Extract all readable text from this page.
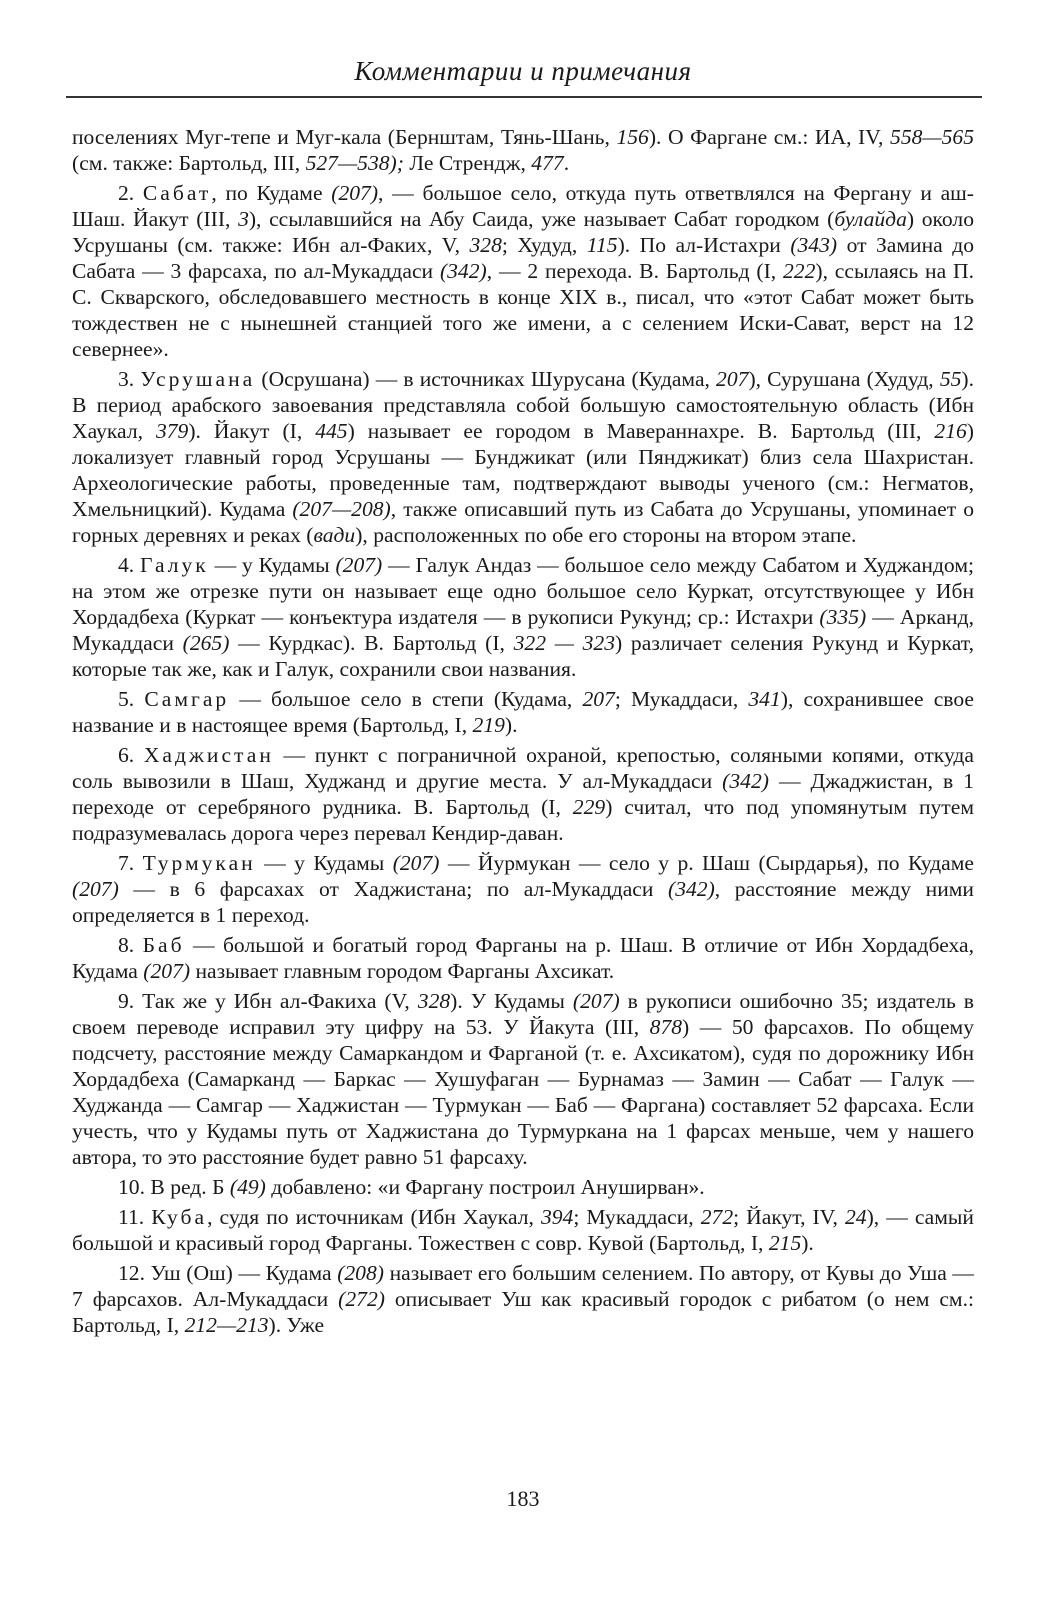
Комментарии и примечания

поселениях Муг-тепе и Муг-кала (Бернштам, Тянь-Шань, 156). О Фаргане см.: ИА, IV, 558—565 (см. также: Бартольд, III, 527—538); Ле Стрендж, 477.

2. Сабат, по Кудаме (207), — большое село, откуда путь ответвлялся на Фергану и аш-Шаш. Йакут (III, 3), ссылавшийся на Абу Саида, уже называет Сабат городком (булайда) около Усрушаны (см. также: Ибн ал-Факих, V, 328; Худуд, 115). По ал-Истахри (343) от Замина до Сабата — 3 фарсаха, по ал-Мукаддаси (342), — 2 перехода. В. Бартольд (I, 222), ссылаясь на П. С. Скварского, обследовавшего местность в конце XIX в., писал, что «этот Сабат может быть тождествен не с нынешней станцией того же имени, а с селением Иски-Сават, верст на 12 севернее».

3. Усрушана (Осрушана) — в источниках Шурусана (Кудама, 207), Сурушана (Худуд, 55). В период арабского завоевания представляла собой большую самостоятельную область (Ибн Хаукал, 379). Йакут (I, 445) называет ее городом в Мавераннахре. В. Бартольд (III, 216) локализует главный город Усрушаны — Бунджикат (или Пянджикат) близ села Шахристан. Археологические работы, проведенные там, подтверждают выводы ученого (см.: Негматов, Хмельницкий). Кудама (207—208), также описавший путь из Сабата до Усрушаны, упоминает о горных деревнях и реках (вади), расположенных по обе его стороны на втором этапе.

4. Галук — у Кудамы (207) — Галук Андаз — большое село между Сабатом и Худжандом; на этом же отрезке пути он называет еще одно большое село Куркат, отсутствующее у Ибн Хордадбеха (Куркат — конъектура издателя — в рукописи Рукунд; ср.: Истахри (335) — Арканд, Мукаддаси (265) — Курдкас). В. Бартольд (I, 322 — 323) различает селения Рукунд и Куркат, которые так же, как и Галук, сохранили свои названия.

5. Самгар — большое село в степи (Кудама, 207; Мукаддаси, 341), сохранившее свое название и в настоящее время (Бартольд, I, 219).

6. Хаджистан — пункт с пограничной охраной, крепостью, соляными копями, откуда соль вывозили в Шаш, Худжанд и другие места. У ал-Мукаддаси (342) — Джаджистан, в 1 переходе от серебряного рудника. В. Бартольд (I, 229) считал, что под упомянутым путем подразумевалась дорога через перевал Кендир-даван.

7. Турмукан — у Кудамы (207) — Йурмукан — село у р. Шаш (Сырдарья), по Кудаме (207) — в 6 фарсахах от Хаджистана; по ал-Мукаддаси (342), расстояние между ними определяется в 1 переход.

8. Баб — большой и богатый город Фарганы на р. Шаш. В отличие от Ибн Хордадбеха, Кудама (207) называет главным городом Фарганы Ахсикат.

9. Так же у Ибн ал-Факиха (V, 328). У Кудамы (207) в рукописи ошибочно 35; издатель в своем переводе исправил эту цифру на 53. У Йакута (III, 878) — 50 фарсахов. По общему подсчету, расстояние между Самаркандом и Фарганой (т. е. Ахсикатом), судя по дорожнику Ибн Хордадбеха (Самарканд — Баркас — Хушуфаган — Бурнамаз — Замин — Сабат — Галук — Худжанда — Самгар — Хаджистан — Турмукан — Баб — Фаргана) составляет 52 фарсаха. Если учесть, что у Кудамы путь от Хаджистана до Турмуркана на 1 фарсах меньше, чем у нашего автора, то это расстояние будет равно 51 фарсаху.

10. В ред. Б (49) добавлено: «и Фаргану построил Ануширван».

11. Куба, судя по источникам (Ибн Хаукал, 394; Мукаддаси, 272; Йакут, IV, 24), — самый большой и красивый город Фарганы. Тожествен с совр. Кувой (Бартольд, I, 215).

12. Уш (Ош) — Кудама (208) называет его большим селением. По автору, от Кувы до Уша — 7 фарсахов. Ал-Мукаддаси (272) описывает Уш как красивый городок с рибатом (о нем см.: Бартольд, I, 212—213). Уже

183
